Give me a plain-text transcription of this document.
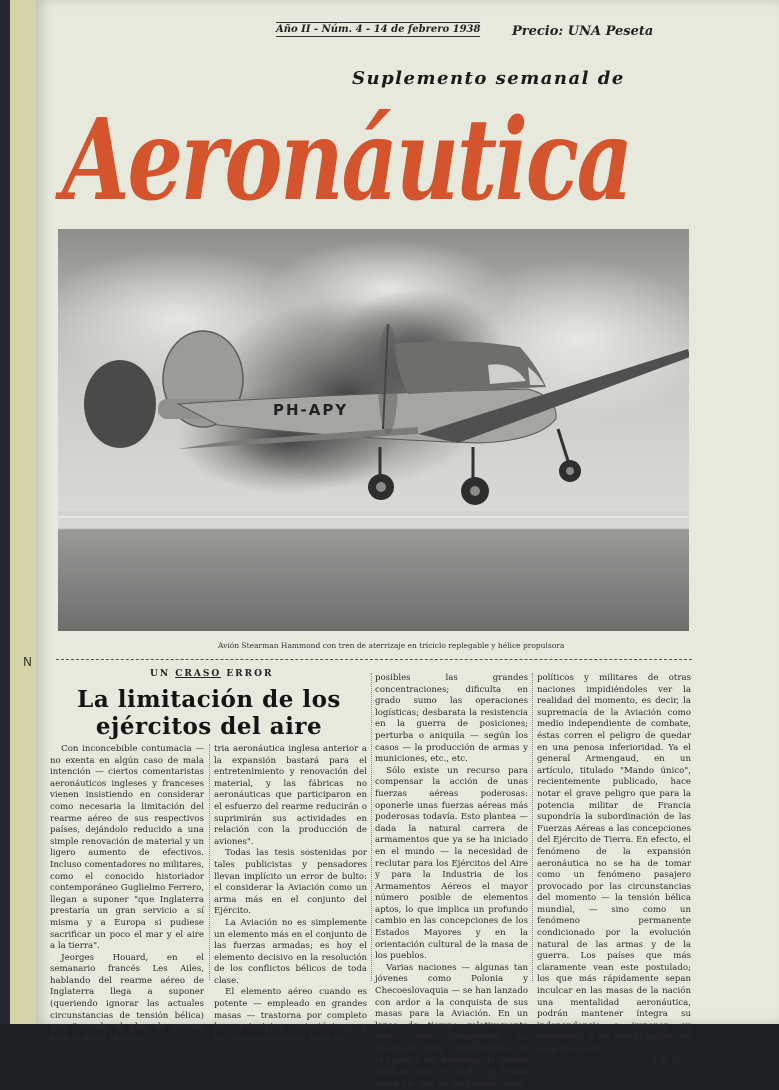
N
Año II - Núm. 4 - 14 de febrero 1938 Precio: UNA Peseta
Suplemento semanal de
Aeronáutica
PH-APY
Avión Stearman Hammond con tren de aterrizaje en triciclo replegable y hélice propulsora
UN CRASO ERROR
La limitación de los
ejércitos del aire

Con inconcebible contumacia — no exenta en algún caso de mala intención — ciertos comentaristas aeronáuticos ingleses y franceses vienen insistiendo en considerar como necesaria la limitación del rearme aéreo de sus respectivos países, dejándolo reducido a una simple renovación de material y un ligero aumento de efectivos. Incluso comentadores no militares, como el conocido historiador contemporáneo Guglielmo Ferrero, llegan a suponer "que Inglaterra prestaría un gran servicio a sí misma y a Europa si pudiese sacrificar un poco el mar y el aire a la tierra".

Jeorges Houard, en el semanario francés Les Ailes, hablando del rearme aéreo de Inglaterra llega a suponer (queriendo ignorar las actuales circunstancias de tensión bélica) que "cuando el plan de rearme esté acabado la indus-

tria aeronáutica inglesa anterior a la expansión bastará para el entretenimiento y renovación del material, y las fábricas no aeronáuticas que participaron en el esfuerzo del rearme reducirán o suprimirán sus actividades en relación con la producción de aviones".

Todas las tesis sostenidas por tales publicistas y pensadores llevan implícito un error de bulto: el considerar la Aviación como un arma más en el conjunto del Ejército.

La Aviación no es simplemente un elemento más en el conjunto de las fuerzas armadas; es hoy el elemento decisivo en la resolución de los conflictos bélicos de toda clase.

El elemento aéreo cuando es potente — empleado en grandes masas — trastorna por completo los principios estratégicos y tácticos de la guerra; hace im-

posibles las grandes concentraciones; dificulta en grado sumo las operaciones logísticas; desbarata la resistencia en la guerra de posiciones; perturba o aniquila — según los casos — la producción de armas y municiones, etc., etc.

Sólo existe un recurso para compensar la acción de unas fuerzas aéreas poderosas: oponerle unas fuerzas aéreas más poderosas todavía. Esto plantea — dada la natural carrera de armamentos que ya se ha iniciado en el mundo — la necesidad de reclutar para los Ejércitos del Aire y para la Industria de los Armamentos Aéreos el mayor número posible de elementos aptos, lo que implica un profundo cambio en las concepciones de los Estados Mayores y en la orientación cultural de la masa de los pueblos.

Varias naciones — algunas tan jóvenes como Polonia y Checoeslovaquia — se han lanzado con ardor a la conquista de sus masas para la Aviación. En un lapso de tiempo relativamente corto han conseguido ya resultados muy considerables. Si el apego a las doctrinas de guerra clásicas obra a modo de venda sobre los ojos de los grandes jefes

políticos y militares de otras naciones impidiéndoles ver la realidad del momento, es decir, la supremacía de la Aviación como medio independiente de combate, éstas corren el peligro de quedar en una penosa inferioridad. Ya el general Armengaud, en un artículo, titulado "Mando único", recientemente publicado, hace notar el grave peligro que para la potencia militar de Francia supondría la subordinación de las Fuerzas Aéreas a las concepciones del Ejército de Tierra. En efecto, el fenómeno de la expansión aeronáutica no se ha de tomar como un fenómeno pasajero provocado por las circunstancias del momento — la tensión bélica mundial, — sino como un fenómeno permanente condicionado por la evolución natural de las armas y de la guerra. Los países que más claramente vean este postulado; los que más rápidamente sepan inculcar en las masas de la nación una mentalidad aeronáutica, podrán mantener íntegra su independencia o imponer su hegemonía a los demás países, en caso necesario.

J. V.-G.
